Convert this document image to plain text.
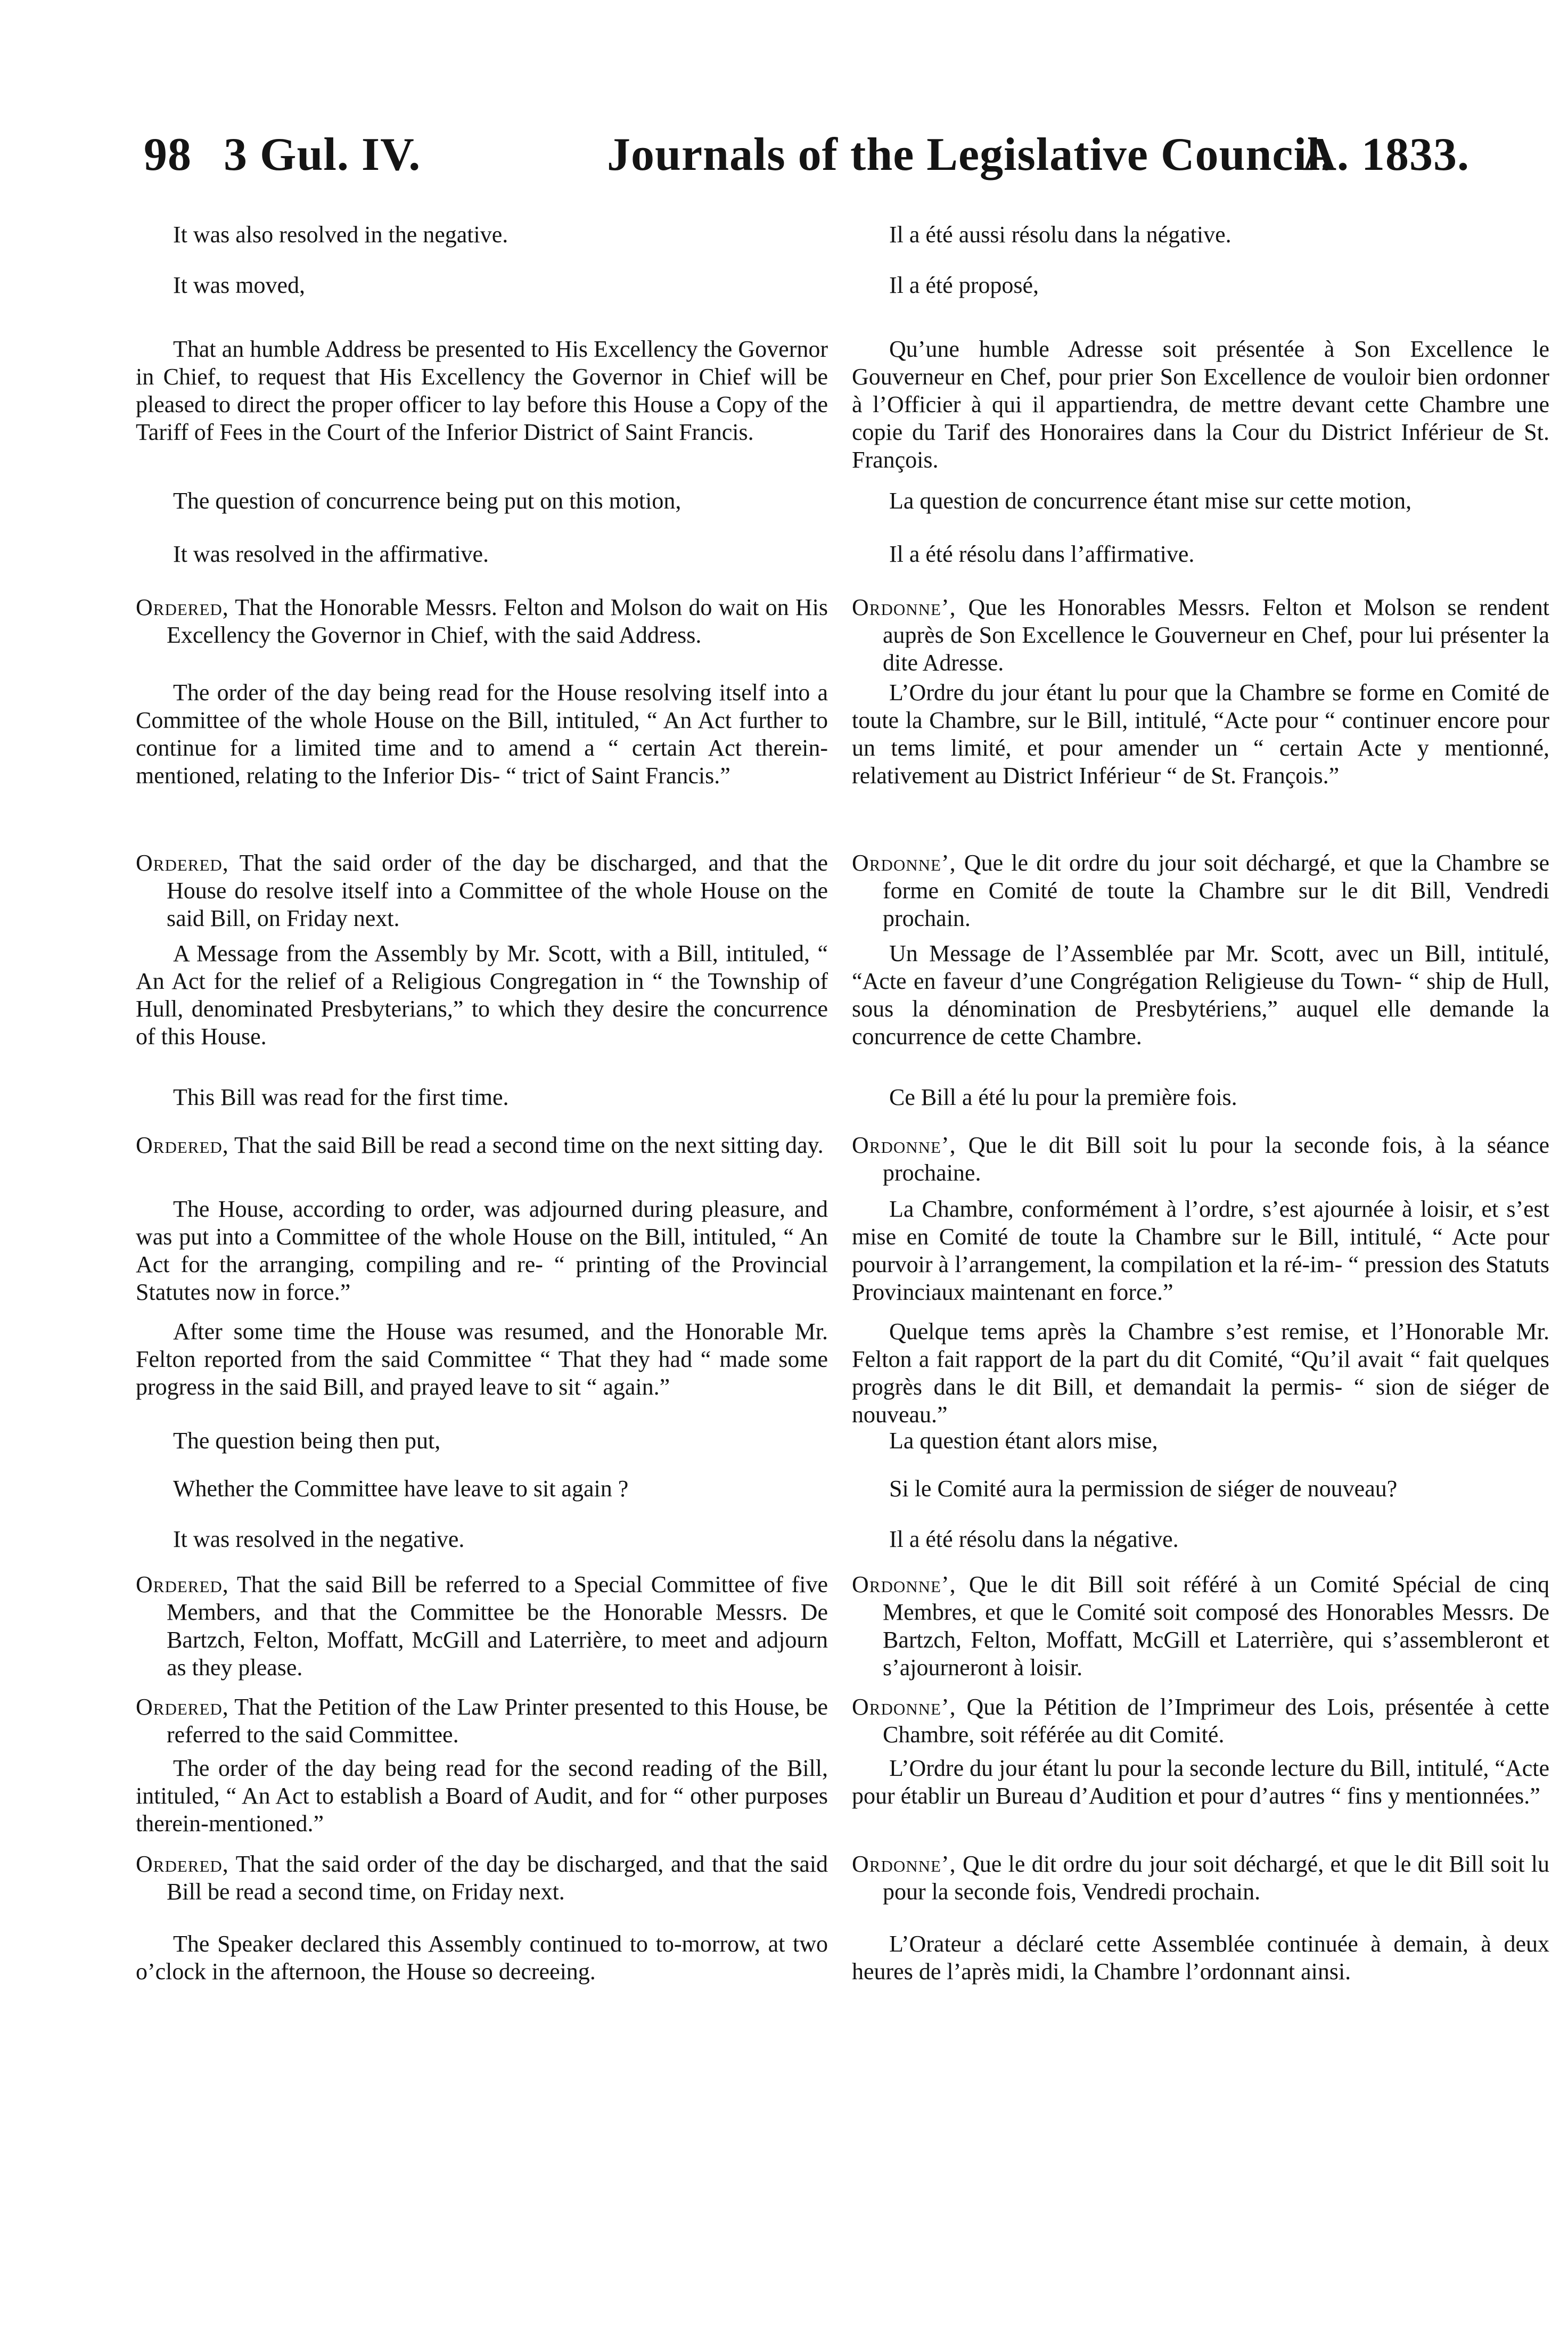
98 3 Gul. IV.	Journals of the Legislative Council.
A. 1833.

It was also resolved in the negative.

It was moved,

That an humble Address be presented to His Excellency the Governor in Chief, to request that His Excellency the Governor in Chief will be pleased to direct the proper officer to lay before this House a Copy of the Tariff of Fees in the Court of the Inferior District of Saint Francis.

The question of concurrence being put on this motion,

It was resolved in the affirmative.

Ordered, That the Honorable Messrs. Felton and Molson do wait on His Excellency the Governor in Chief, with the said Address.

The order of the day being read for the House resolving itself into a Committee of the whole House on the Bill, intituled, “ An Act further to continue for a limited time and to amend a “ certain Act therein-mentioned, relating to the Inferior Dis- “ trict of Saint Francis.”

Ordered, That the said order of the day be discharged, and that the House do resolve itself into a Committee of the whole House on the said Bill, on Friday next.

A Message from the Assembly by Mr. Scott, with a Bill, intituled, “ An Act for the relief of a Religious Congregation in “ the Township of Hull, denominated Presbyterians,” to which they desire the concurrence of this House.

This Bill was read for the first time.

Ordered, That the said Bill be read a second time on the next sitting day.

The House, according to order, was adjourned during pleasure, and was put into a Committee of the whole House on the Bill, intituled, “ An Act for the arranging, compiling and re- “ printing of the Provincial Statutes now in force.”

After some time the House was resumed, and the Honorable Mr. Felton reported from the said Committee “ That they had “ made some progress in the said Bill, and prayed leave to sit “ again.”

The question being then put,

Whether the Committee have leave to sit again ?

It was resolved in the negative.

Ordered, That the said Bill be referred to a Special Committee of five Members, and that the Committee be the Honorable Messrs. De Bartzch, Felton, Moffatt, McGill and Laterrière, to meet and adjourn as they please.

Ordered, That the Petition of the Law Printer presented to this House, be referred to the said Committee.

The order of the day being read for the second reading of the Bill, intituled, “ An Act to establish a Board of Audit, and for “ other purposes therein-mentioned.”

Ordered, That the said order of the day be discharged, and that the said Bill be read a second time, on Friday next.

The Speaker declared this Assembly continued to to-morrow, at two o’clock in the afternoon, the House so decreeing.

Il a été aussi résolu dans la négative.

Il a été proposé,

Qu’une humble Adresse soit présentée à Son Excellence le Gouverneur en Chef, pour prier Son Excellence de vouloir bien ordonner à l’Officier à qui il appartiendra, de mettre devant cette Chambre une copie du Tarif des Honoraires dans la Cour du District Inférieur de St. François.

La question de concurrence étant mise sur cette motion,

Il a été résolu dans l’affirmative.

Ordonne’, Que les Honorables Messrs. Felton et Molson se rendent auprès de Son Excellence le Gouverneur en Chef, pour lui présenter la dite Adresse.

L’Ordre du jour étant lu pour que la Chambre se forme en Comité de toute la Chambre, sur le Bill, intitulé, “Acte pour “ continuer encore pour un tems limité, et pour amender un “ certain Acte y mentionné, relativement au District Inférieur “ de St. François.”

Ordonne’, Que le dit ordre du jour soit déchargé, et que la Chambre se forme en Comité de toute la Chambre sur le dit Bill, Vendredi prochain.

Un Message de l’Assemblée par Mr. Scott, avec un Bill, intitulé, “Acte en faveur d’une Congrégation Religieuse du Town- “ ship de Hull, sous la dénomination de Presbytériens,” auquel elle demande la concurrence de cette Chambre.

Ce Bill a été lu pour la première fois.

Ordonne’, Que le dit Bill soit lu pour la seconde fois, à la séance prochaine.

La Chambre, conformément à l’ordre, s’est ajournée à loisir, et s’est mise en Comité de toute la Chambre sur le Bill, intitulé, “ Acte pour pourvoir à l’arrangement, la compilation et la ré-im- “ pression des Statuts Provinciaux maintenant en force.”

Quelque tems après la Chambre s’est remise, et l’Honorable Mr. Felton a fait rapport de la part du dit Comité, “Qu’il avait “ fait quelques progrès dans le dit Bill, et demandait la permis- “ sion de siéger de nouveau.”

La question étant alors mise,

Si le Comité aura la permission de siéger de nouveau?

Il a été résolu dans la négative.

Ordonne’, Que le dit Bill soit référé à un Comité Spécial de cinq Membres, et que le Comité soit composé des Honorables Messrs. De Bartzch, Felton, Moffatt, McGill et Laterrière, qui s’assembleront et s’ajourneront à loisir.

Ordonne’, Que la Pétition de l’Imprimeur des Lois, présentée à cette Chambre, soit référée au dit Comité.

L’Ordre du jour étant lu pour la seconde lecture du Bill, intitulé, “Acte pour établir un Bureau d’Audition et pour d’autres “ fins y mentionnées.”

Ordonne’, Que le dit ordre du jour soit déchargé, et que le dit Bill soit lu pour la seconde fois, Vendredi prochain.

L’Orateur a déclaré cette Assemblée continuée à demain, à deux heures de l’après midi, la Chambre l’ordonnant ainsi.
